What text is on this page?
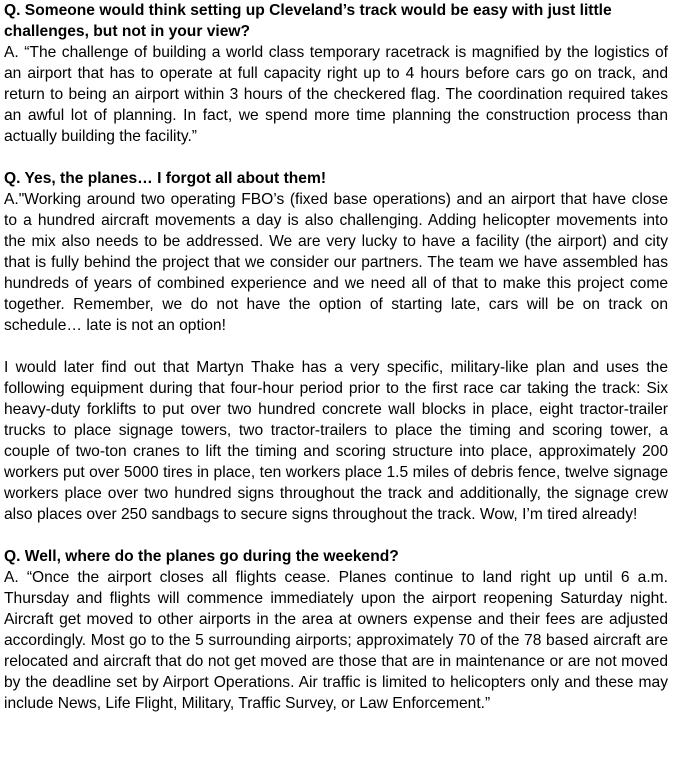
Q. Someone would think setting up Cleveland’s track would be easy with just little challenges, but not in your view?

A. “The challenge of building a world class temporary racetrack is magnified by the logistics of an airport that has to operate at full capacity right up to 4 hours before cars go on track, and return to being an airport within 3 hours of the checkered flag. The coordination required takes an awful lot of planning. In fact, we spend more time planning the construction process than actually building the facility.”

Q. Yes, the planes… I forgot all about them!

A."Working around two operating FBO’s (fixed base operations) and an airport that have close to a hundred aircraft movements a day is also challenging. Adding helicopter movements into the mix also needs to be addressed. We are very lucky to have a facility (the airport) and city that is fully behind the project that we consider our partners. The team we have assembled has hundreds of years of combined experience and we need all of that to make this project come together. Remember, we do not have the option of starting late, cars will be on track on schedule… late is not an option!

I would later find out that Martyn Thake has a very specific, military-like plan and uses the following equipment during that four-hour period prior to the first race car taking the track: Six heavy-duty forklifts to put over two hundred concrete wall blocks in place, eight tractor-trailer trucks to place signage towers, two tractor-trailers to place the timing and scoring tower, a couple of two-ton cranes to lift the timing and scoring structure into place, approximately 200 workers put over 5000 tires in place, ten workers place 1.5 miles of debris fence, twelve signage workers place over two hundred signs throughout the track and additionally, the signage crew also places over 250 sandbags to secure signs throughout the track. Wow, I’m tired already!

Q. Well, where do the planes go during the weekend?

A. “Once the airport closes all flights cease. Planes continue to land right up until 6 a.m. Thursday and flights will commence immediately upon the airport reopening Saturday night. Aircraft get moved to other airports in the area at owners expense and their fees are adjusted accordingly. Most go to the 5 surrounding airports; approximately 70 of the 78 based aircraft are relocated and aircraft that do not get moved are those that are in maintenance or are not moved by the deadline set by Airport Operations. Air traffic is limited to helicopters only and these may include News, Life Flight, Military, Traffic Survey, or Law Enforcement.”
